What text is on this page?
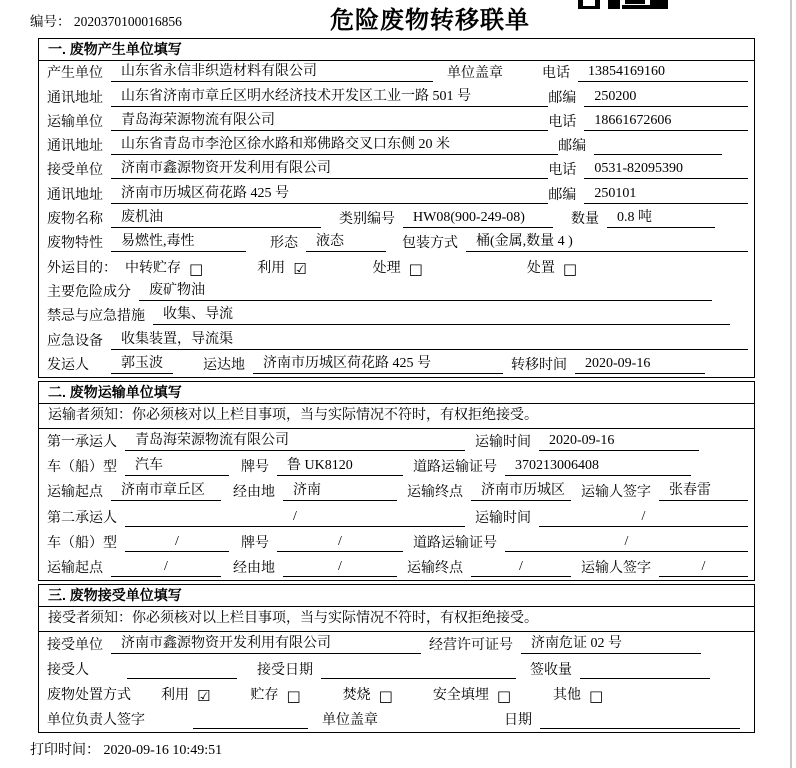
编号： 2020370100016856	危险废物转移联单
一. 废物产生单位填写
产生单位	山东省永信非织造材料有限公司	单位盖章	电话	13854169160
通讯地址	山东省济南市章丘区明水经济技术开发区工业一路 501 号	邮编	250200
运输单位	青岛海荣源物流有限公司	电话	18661672606
通讯地址	山东省青岛市李沧区徐水路和郑佛路交叉口东侧 20 米	邮编
接受单位	济南市鑫源物资开发利用有限公司	电话	0531-82095390
通讯地址	济南市历城区荷花路 425 号	邮编	250101
废物名称	废机油	类别编号	HW08(900-249-08)	数量	0.8 吨
废物特性	易燃性,毒性	形态	液态	包装方式	桶(金属,数量 4 )
外运目的： 中转贮存 □	利用 ☑	处理 □	处置 □
主要危险成分	废矿物油
禁忌与应急措施	收集、导流
应急设备	收集装置，导流渠
发运人	郭玉波	运达地	济南市历城区荷花路 425 号	转移时间	2020-09-16
二. 废物运输单位填写
运输者须知：你必须核对以上栏目事项，当与实际情况不符时，有权拒绝接受。
第一承运人	青岛海荣源物流有限公司	运输时间	2020-09-16
车（船）型	汽车	牌号	鲁 UK8120	道路运输证号	370213006408
运输起点	济南市章丘区	经由地	济南	运输终点	济南市历城区	运输人签字	张春雷
第二承运人	/	运输时间	/
车（船）型	/	牌号	/	道路运输证号	/
运输起点	/	经由地	/	运输终点	/	运输人签字	/
三. 废物接受单位填写
接受者须知：你必须核对以上栏目事项，当与实际情况不符时，有权拒绝接受。
接受单位	济南市鑫源物资开发利用有限公司	经营许可证号	济南危证 02 号
接受人	接受日期	签收量
废物处置方式 利用 ☑	贮存 □	焚烧 □	安全填埋 □	其他 □
单位负责人签字	单位盖章	日期
打印时间： 2020-09-16 10:49:51
